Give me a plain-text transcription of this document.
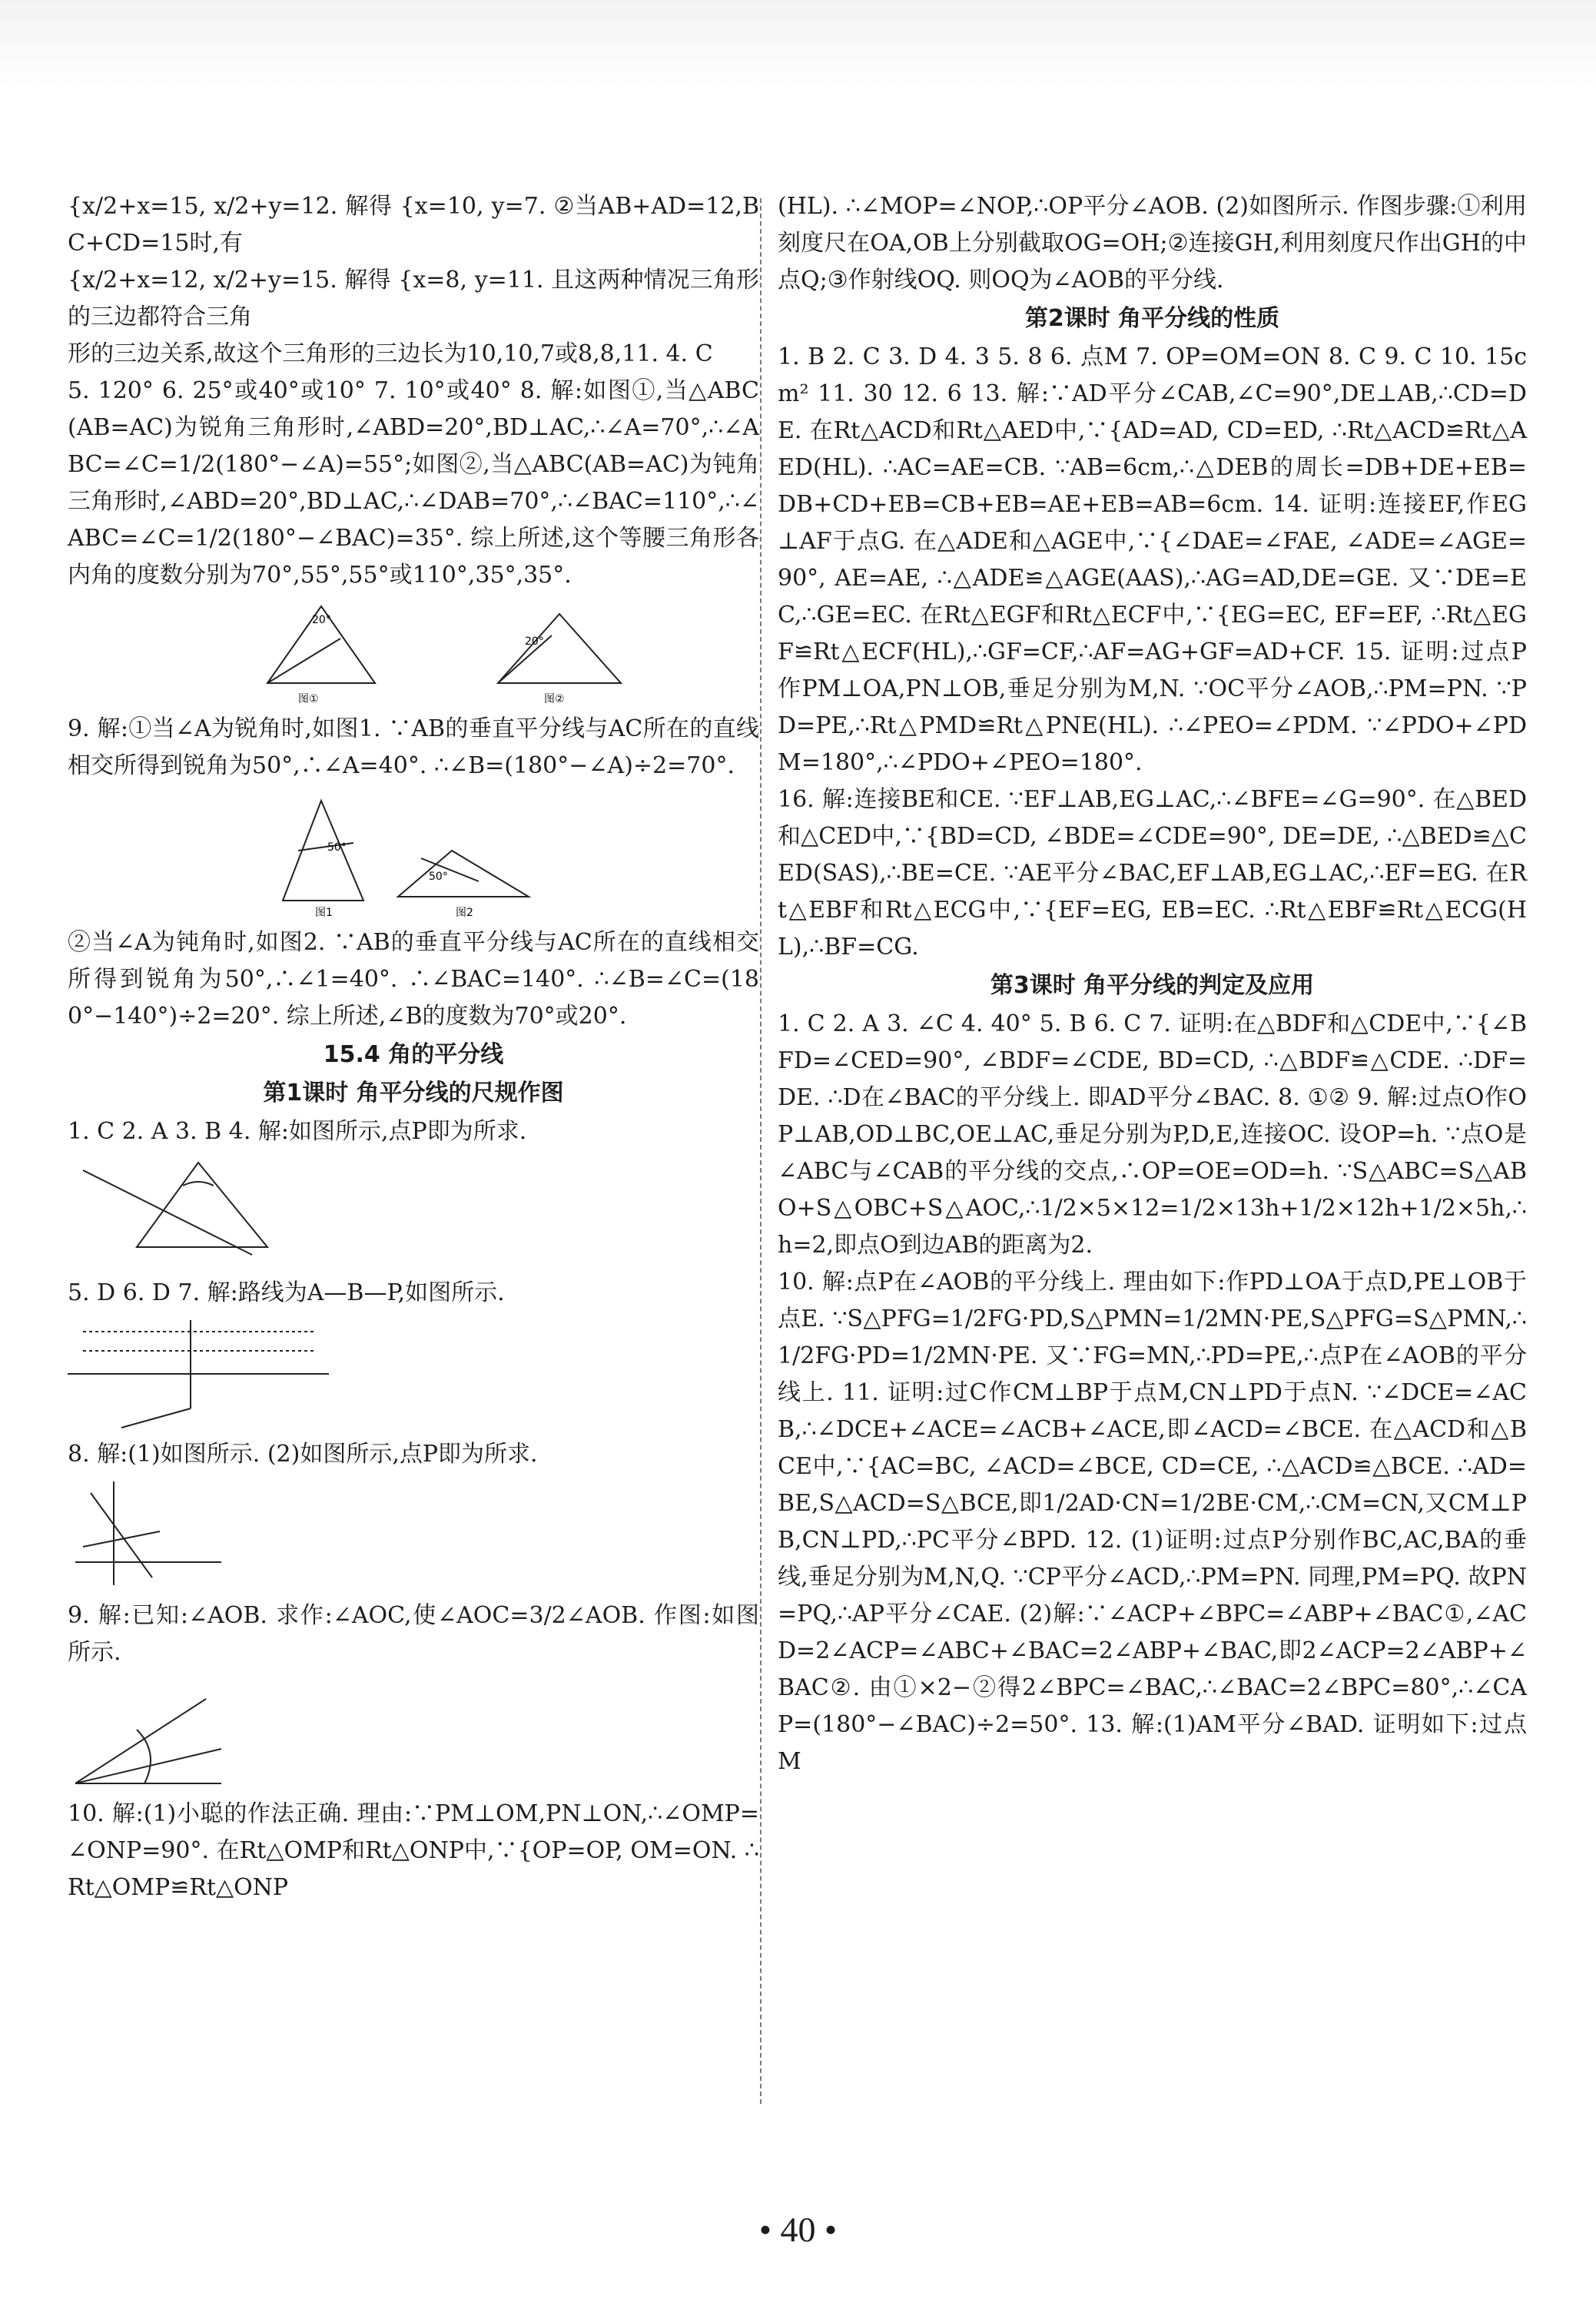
{x/2+x=15, x/2+y=12. 解得 {x=10, y=7. ②当AB+AD=12,BC+CD=15时,有

{x/2+x=12, x/2+y=15. 解得 {x=8, y=11. 且这两种情况三角形的三边都符合三角

形的三边关系,故这个三角形的三边长为10,10,7或8,8,11. 4. C

5. 120° 6. 25°或40°或10° 7. 10°或40° 8. 解:如图①,当△ABC(AB=AC)为锐角三角形时,∠ABD=20°,BD⊥AC,∴∠A=70°,∴∠ABC=∠C=1/2(180°−∠A)=55°;如图②,当△ABC(AB=AC)为钝角三角形时,∠ABD=20°,BD⊥AC,∴∠DAB=70°,∴∠BAC=110°,∴∠ABC=∠C=1/2(180°−∠BAC)=35°. 综上所述,这个等腰三角形各内角的度数分别为70°,55°,55°或110°,35°,35°.

20°
图①
20°
图②

9. 解:①当∠A为锐角时,如图1. ∵AB的垂直平分线与AC所在的直线相交所得到锐角为50°,∴∠A=40°. ∴∠B=(180°−∠A)÷2=70°.

50°
图1
50°
图2

②当∠A为钝角时,如图2. ∵AB的垂直平分线与AC所在的直线相交所得到锐角为50°,∴∠1=40°. ∴∠BAC=140°. ∴∠B=∠C=(180°−140°)÷2=20°. 综上所述,∠B的度数为70°或20°.

15.4 角的平分线

第1课时 角平分线的尺规作图

1. C 2. A 3. B 4. 解:如图所示,点P即为所求.

5. D 6. D 7. 解:路线为A—B—P,如图所示.

8. 解:(1)如图所示. (2)如图所示,点P即为所求.

9. 解:已知:∠AOB. 求作:∠AOC,使∠AOC=3/2∠AOB. 作图:如图所示.

10. 解:(1)小聪的作法正确. 理由:∵PM⊥OM,PN⊥ON,∴∠OMP=∠ONP=90°. 在Rt△OMP和Rt△ONP中,∵{OP=OP, OM=ON. ∴Rt△OMP≌Rt△ONP

(HL). ∴∠MOP=∠NOP,∴OP平分∠AOB. (2)如图所示. 作图步骤:①利用刻度尺在OA,OB上分别截取OG=OH;②连接GH,利用刻度尺作出GH的中点Q;③作射线OQ. 则OQ为∠AOB的平分线.

第2课时 角平分线的性质

1. B 2. C 3. D 4. 3 5. 8 6. 点M 7. OP=OM=ON 8. C 9. C 10. 15cm² 11. 30 12. 6 13. 解:∵AD平分∠CAB,∠C=90°,DE⊥AB,∴CD=DE. 在Rt△ACD和Rt△AED中,∵{AD=AD, CD=ED, ∴Rt△ACD≌Rt△AED(HL). ∴AC=AE=CB. ∵AB=6cm,∴△DEB的周长=DB+DE+EB=DB+CD+EB=CB+EB=AE+EB=AB=6cm. 14. 证明:连接EF,作EG⊥AF于点G. 在△ADE和△AGE中,∵{∠DAE=∠FAE, ∠ADE=∠AGE=90°, AE=AE, ∴△ADE≌△AGE(AAS),∴AG=AD,DE=GE. 又∵DE=EC,∴GE=EC. 在Rt△EGF和Rt△ECF中,∵{EG=EC, EF=EF, ∴Rt△EGF≌Rt△ECF(HL),∴GF=CF,∴AF=AG+GF=AD+CF. 15. 证明:过点P作PM⊥OA,PN⊥OB,垂足分别为M,N. ∵OC平分∠AOB,∴PM=PN. ∵PD=PE,∴Rt△PMD≌Rt△PNE(HL). ∴∠PEO=∠PDM. ∵∠PDO+∠PDM=180°,∴∠PDO+∠PEO=180°.

16. 解:连接BE和CE. ∵EF⊥AB,EG⊥AC,∴∠BFE=∠G=90°. 在△BED和△CED中,∵{BD=CD, ∠BDE=∠CDE=90°, DE=DE, ∴△BED≌△CED(SAS),∴BE=CE. ∵AE平分∠BAC,EF⊥AB,EG⊥AC,∴EF=EG. 在Rt△EBF和Rt△ECG中,∵{EF=EG, EB=EC. ∴Rt△EBF≌Rt△ECG(HL),∴BF=CG.

第3课时 角平分线的判定及应用

1. C 2. A 3. ∠C 4. 40° 5. B 6. C 7. 证明:在△BDF和△CDE中,∵{∠BFD=∠CED=90°, ∠BDF=∠CDE, BD=CD, ∴△BDF≌△CDE. ∴DF=DE. ∴D在∠BAC的平分线上. 即AD平分∠BAC. 8. ①② 9. 解:过点O作OP⊥AB,OD⊥BC,OE⊥AC,垂足分别为P,D,E,连接OC. 设OP=h. ∵点O是∠ABC与∠CAB的平分线的交点,∴OP=OE=OD=h. ∵S△ABC=S△ABO+S△OBC+S△AOC,∴1/2×5×12=1/2×13h+1/2×12h+1/2×5h,∴h=2,即点O到边AB的距离为2.

10. 解:点P在∠AOB的平分线上. 理由如下:作PD⊥OA于点D,PE⊥OB于点E. ∵S△PFG=1/2FG·PD,S△PMN=1/2MN·PE,S△PFG=S△PMN,∴1/2FG·PD=1/2MN·PE. 又∵FG=MN,∴PD=PE,∴点P在∠AOB的平分线上. 11. 证明:过C作CM⊥BP于点M,CN⊥PD于点N. ∵∠DCE=∠ACB,∴∠DCE+∠ACE=∠ACB+∠ACE,即∠ACD=∠BCE. 在△ACD和△BCE中,∵{AC=BC, ∠ACD=∠BCE, CD=CE, ∴△ACD≌△BCE. ∴AD=BE,S△ACD=S△BCE,即1/2AD·CN=1/2BE·CM,∴CM=CN,又CM⊥PB,CN⊥PD,∴PC平分∠BPD. 12. (1)证明:过点P分别作BC,AC,BA的垂线,垂足分别为M,N,Q. ∵CP平分∠ACD,∴PM=PN. 同理,PM=PQ. 故PN=PQ,∴AP平分∠CAE. (2)解:∵∠ACP+∠BPC=∠ABP+∠BAC①,∠ACD=2∠ACP=∠ABC+∠BAC=2∠ABP+∠BAC,即2∠ACP=2∠ABP+∠BAC②. 由①×2−②得2∠BPC=∠BAC,∴∠BAC=2∠BPC=80°,∴∠CAP=(180°−∠BAC)÷2=50°. 13. 解:(1)AM平分∠BAD. 证明如下:过点M

• 40 •
